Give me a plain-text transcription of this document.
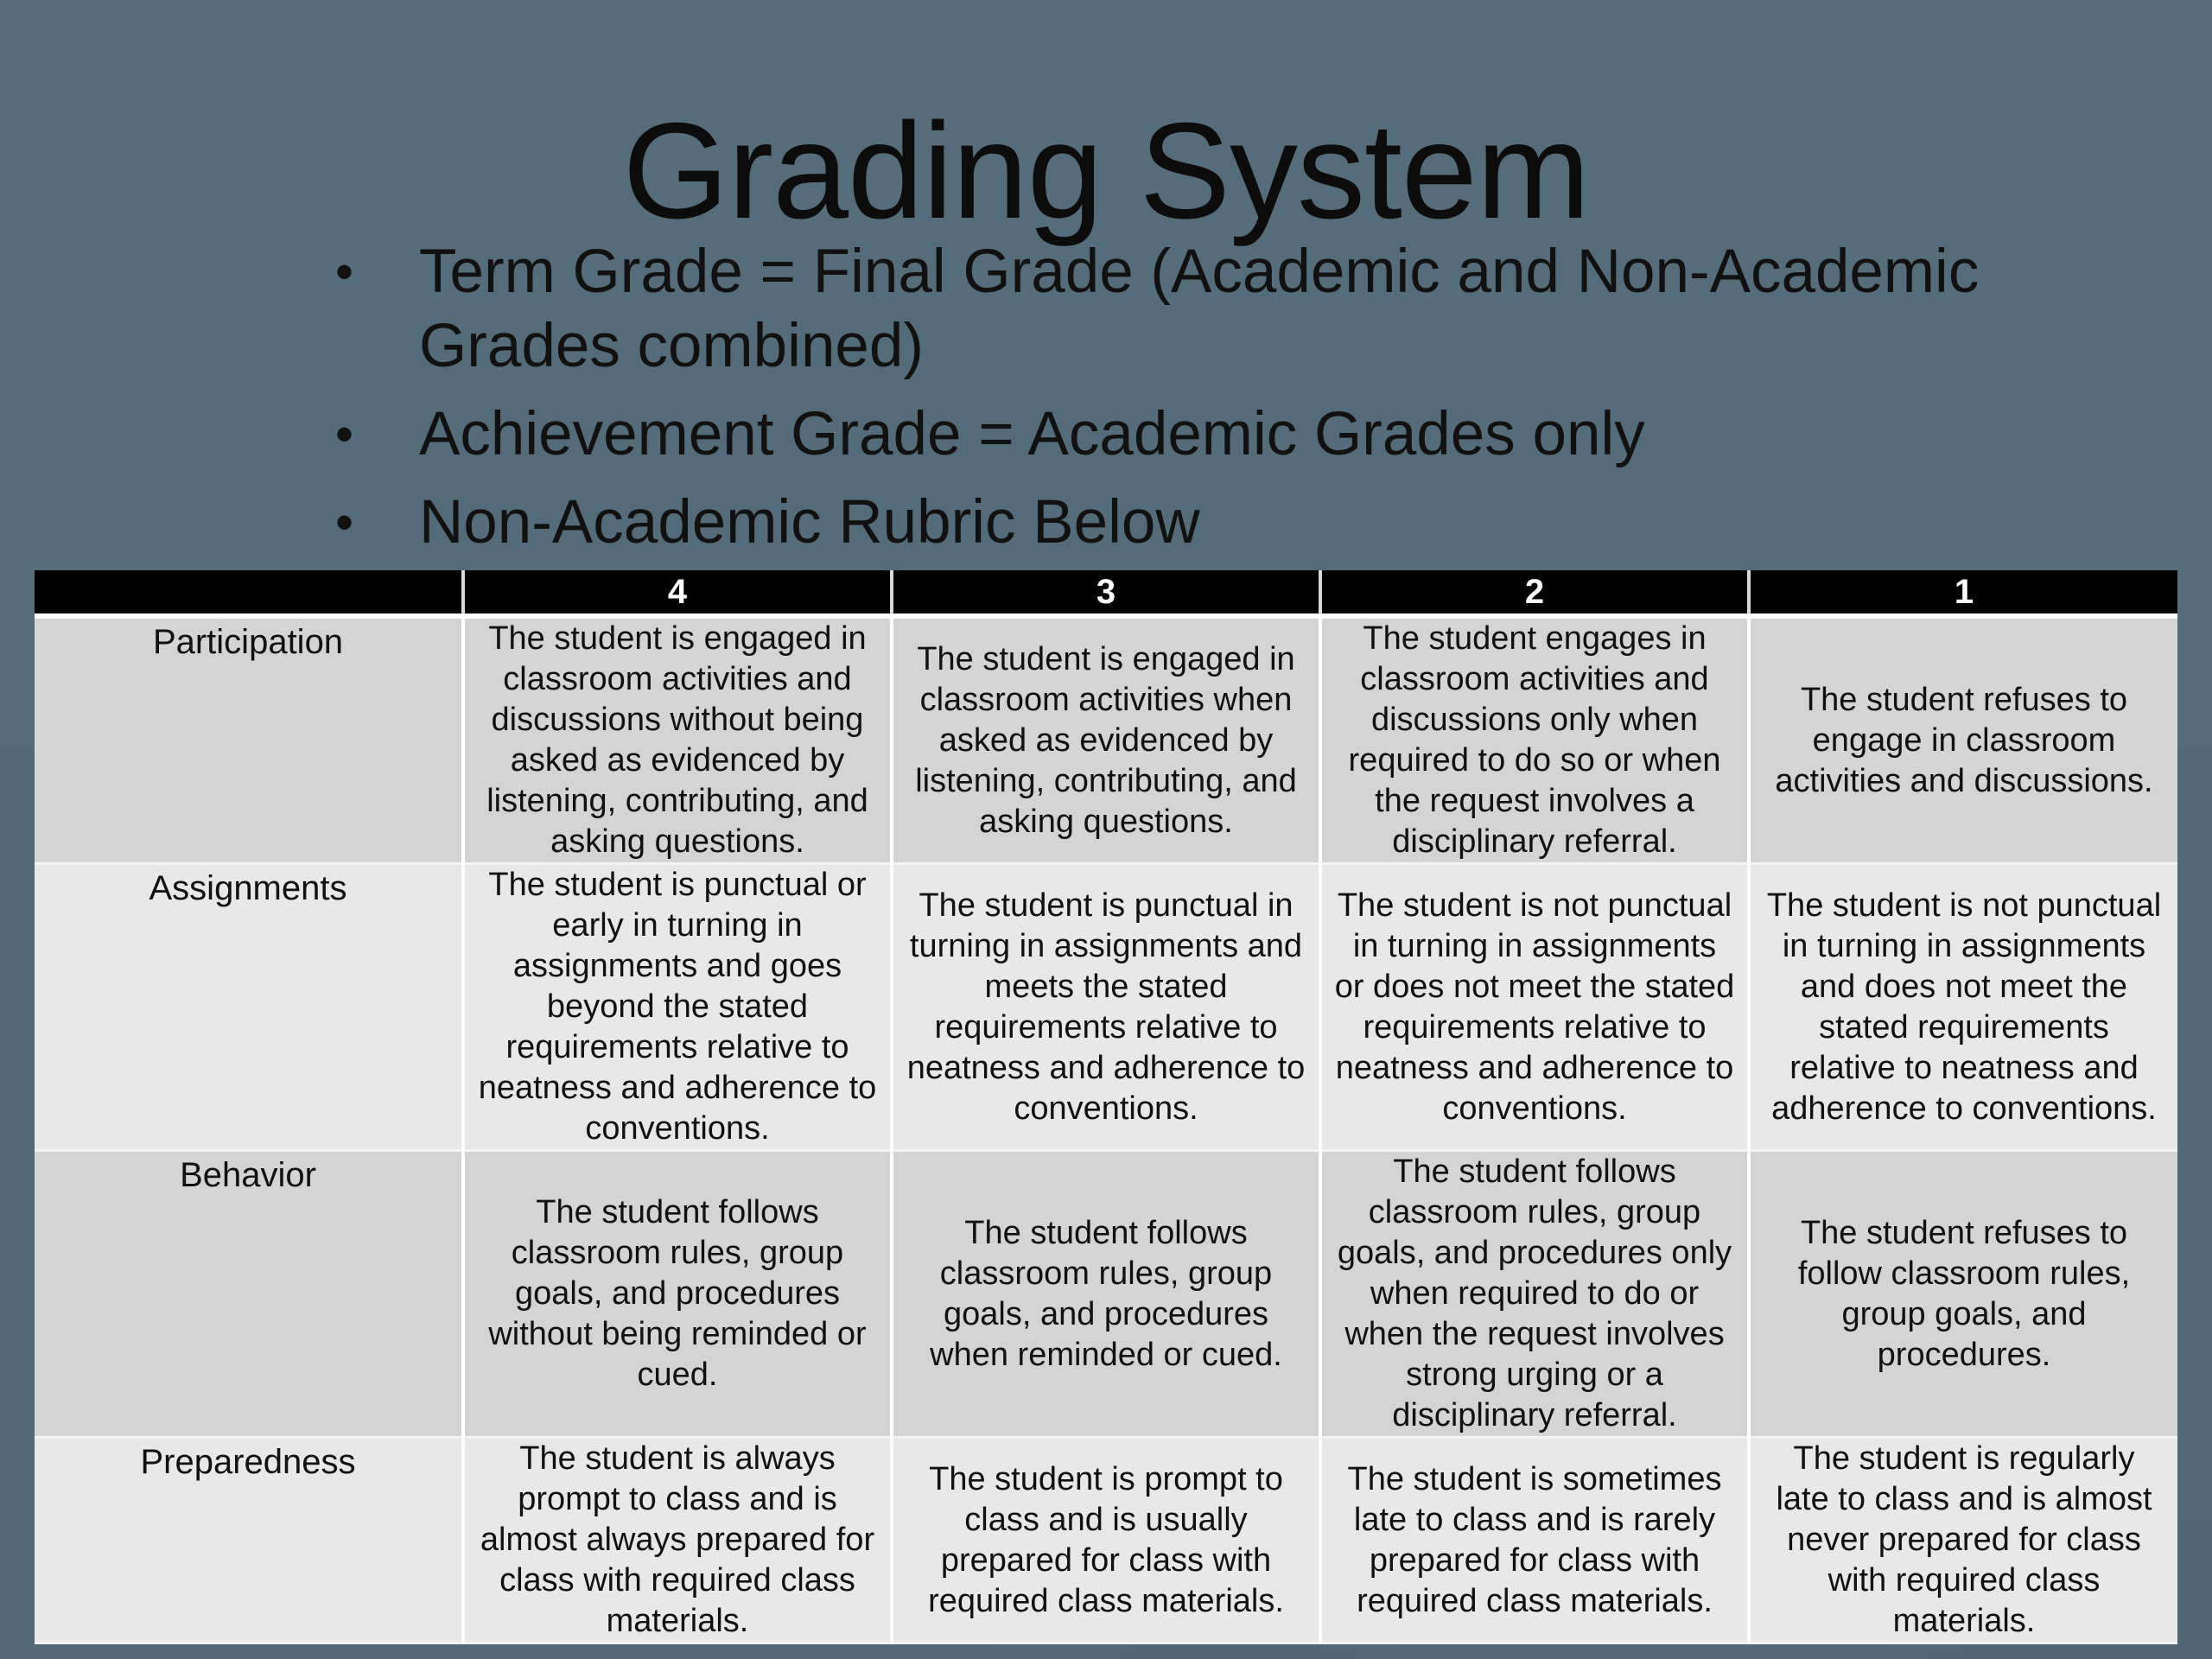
Grading System
• Term Grade = Final Grade (Academic and Non-Academic Grades combined)
• Achievement Grade = Academic Grades only
• Non-Academic Rubric Below
	4	3	2	1
Participation	The student is engaged in classroom activities and discussions without being asked as evidenced by listening, contributing, and asking questions.	The student is engaged in classroom activities when asked as evidenced by listening, contributing, and asking questions.	The student engages in classroom activities and discussions only when required to do so or when the request involves a disciplinary referral.	The student refuses to engage in classroom activities and discussions.
Assignments	The student is punctual or early in turning in assignments and goes beyond the stated requirements relative to neatness and adherence to conventions.	The student is punctual in turning in assignments and meets the stated requirements relative to neatness and adherence to conventions.	The student is not punctual in turning in assignments or does not meet the stated requirements relative to neatness and adherence to conventions.	The student is not punctual in turning in assignments and does not meet the stated requirements relative to neatness and adherence to conventions.
Behavior	The student follows classroom rules, group goals, and procedures without being reminded or cued.	The student follows classroom rules, group goals, and procedures when reminded or cued.	The student follows classroom rules, group goals, and procedures only when required to do or when the request involves strong urging or a disciplinary referral.	The student refuses to follow classroom rules, group goals, and procedures.
Preparedness	The student is always prompt to class and is almost always prepared for class with required class materials.	The student is prompt to class and is usually prepared for class with required class materials.	The student is sometimes late to class and is rarely prepared for class with required class materials.	The student is regularly late to class and is almost never prepared for class with required class materials.
